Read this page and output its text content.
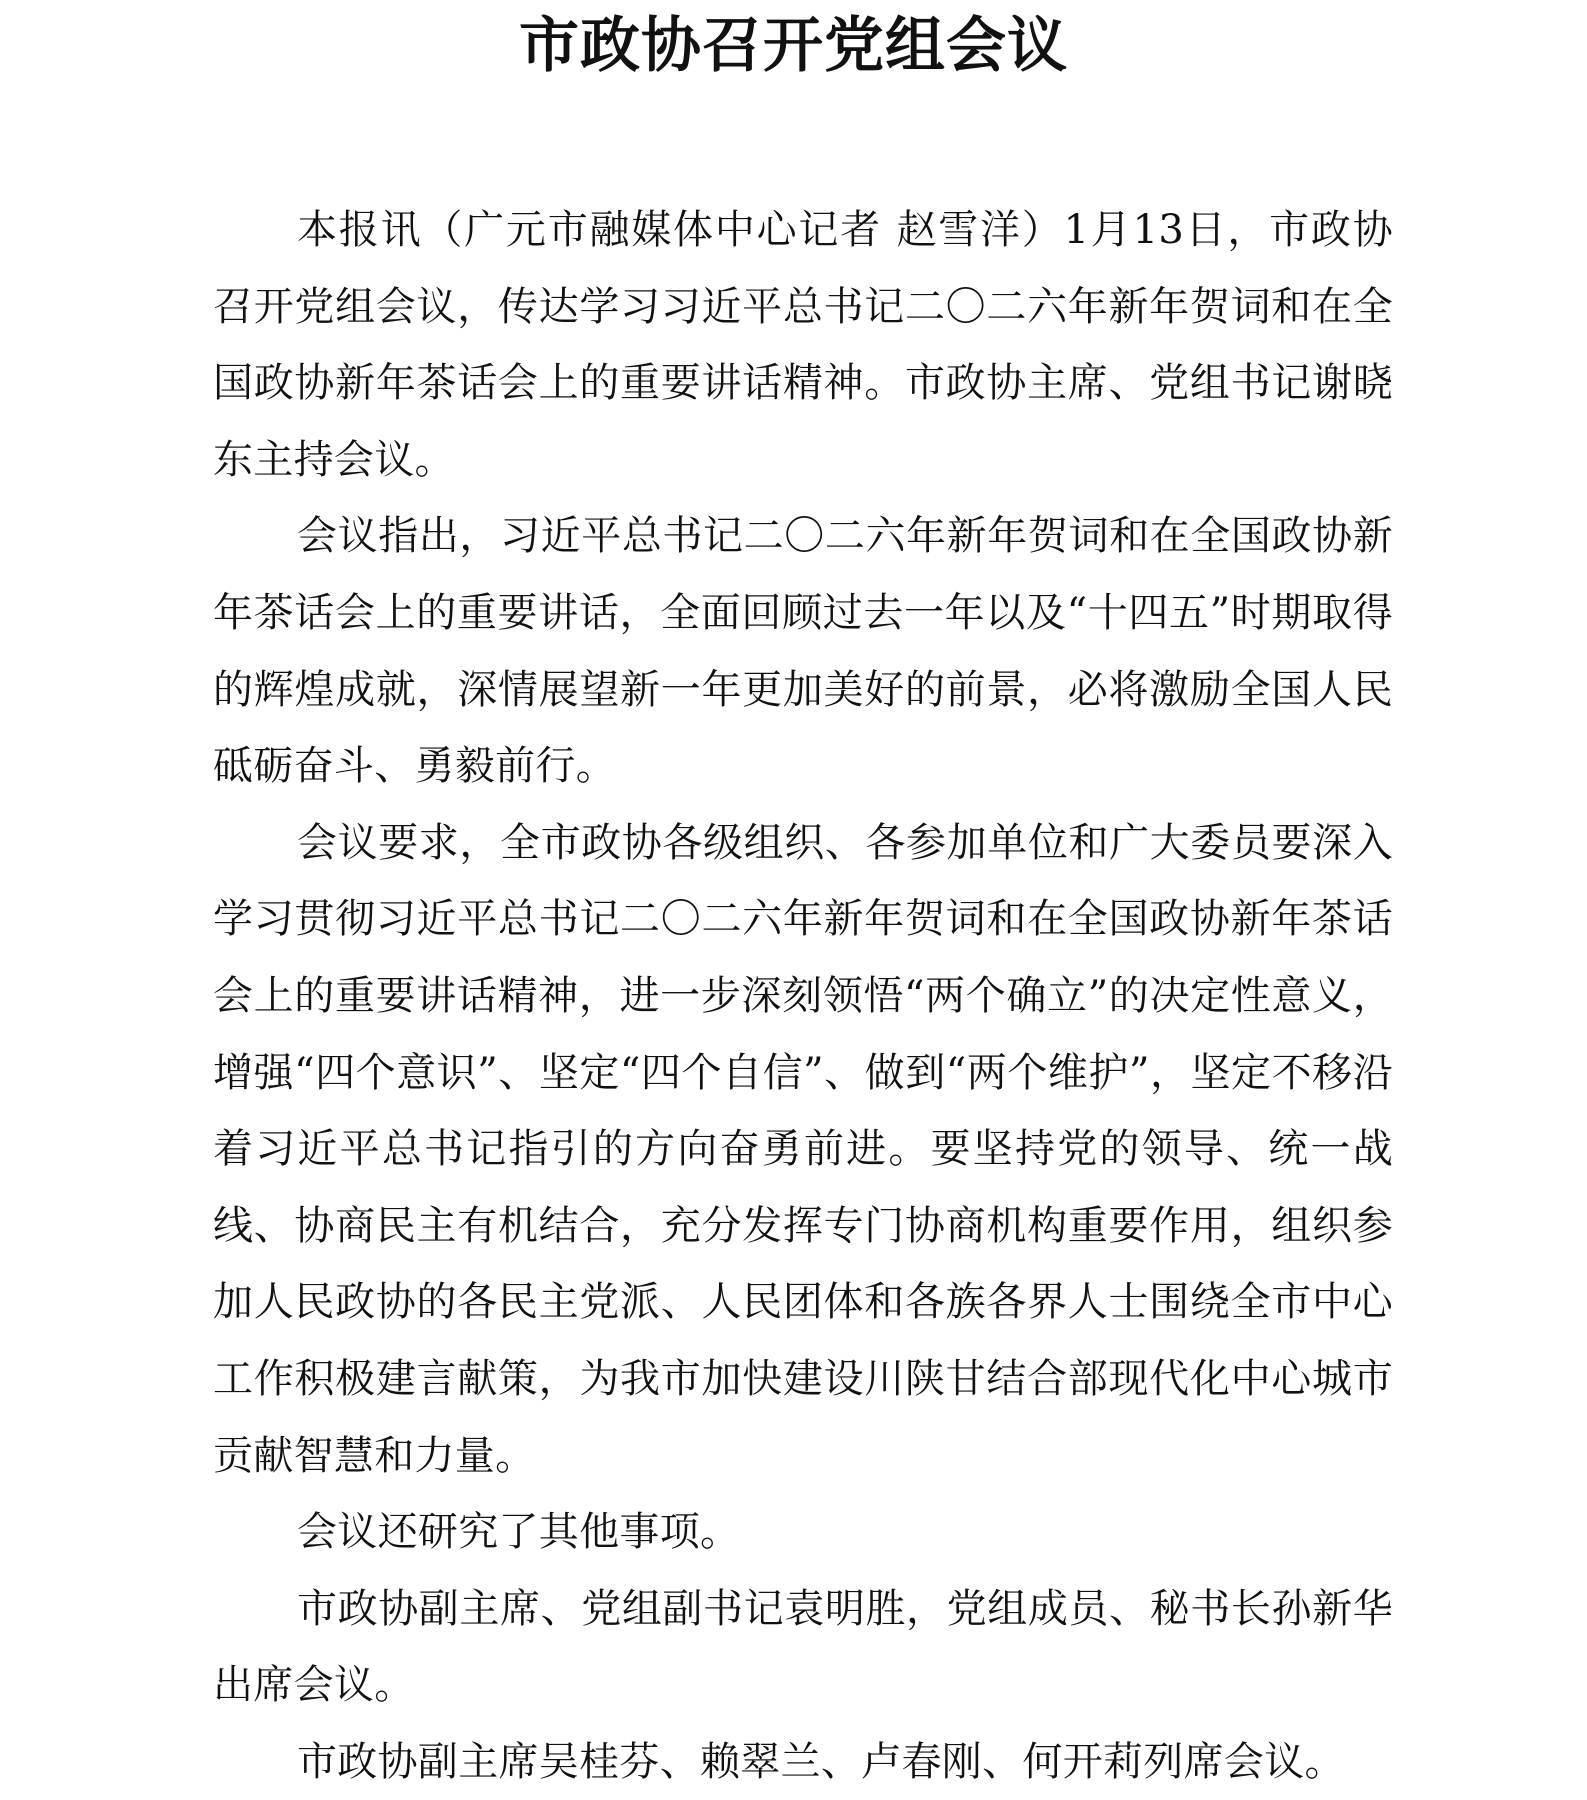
市政协召开党组会议

本报讯（广元市融媒体中心记者 赵雪洋）1月13日，市政协召开党组会议，传达学习习近平总书记二〇二六年新年贺词和在全国政协新年茶话会上的重要讲话精神。市政协主席、党组书记谢晓东主持会议。

会议指出，习近平总书记二〇二六年新年贺词和在全国政协新年茶话会上的重要讲话，全面回顾过去一年以及“十四五”时期取得的辉煌成就，深情展望新一年更加美好的前景，必将激励全国人民砥砺奋斗、勇毅前行。

会议要求，全市政协各级组织、各参加单位和广大委员要深入学习贯彻习近平总书记二〇二六年新年贺词和在全国政协新年茶话会上的重要讲话精神，进一步深刻领悟“两个确立”的决定性意义，增强“四个意识”、坚定“四个自信”、做到“两个维护”，坚定不移沿着习近平总书记指引的方向奋勇前进。要坚持党的领导、统一战线、协商民主有机结合，充分发挥专门协商机构重要作用，组织参加人民政协的各民主党派、人民团体和各族各界人士围绕全市中心工作积极建言献策，为我市加快建设川陕甘结合部现代化中心城市贡献智慧和力量。

会议还研究了其他事项。

市政协副主席、党组副书记袁明胜，党组成员、秘书长孙新华出席会议。

市政协副主席吴桂芬、赖翠兰、卢春刚、何开莉列席会议。
